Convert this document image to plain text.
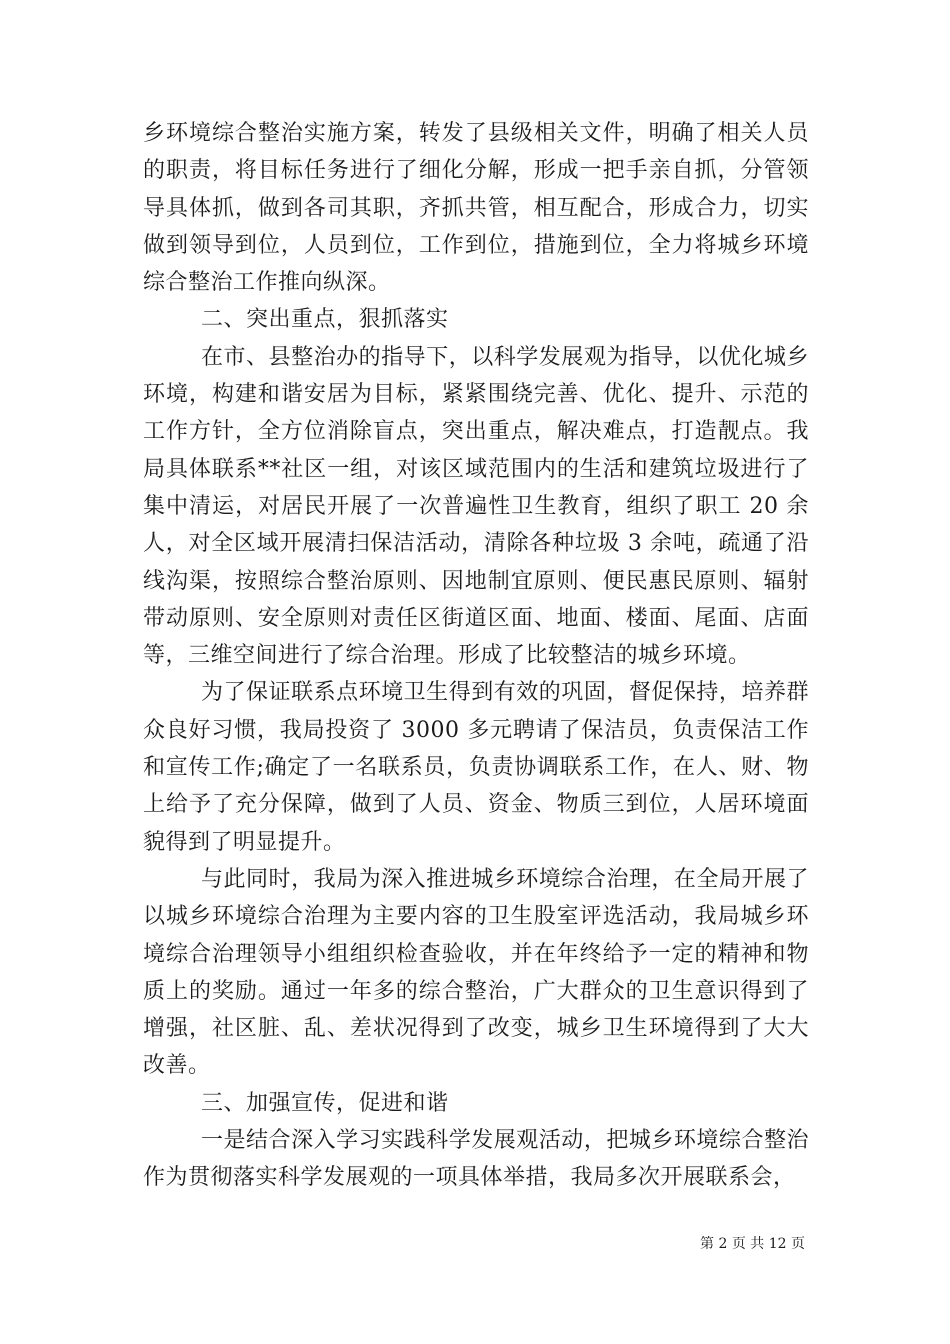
乡环境综合整治实施方案，转发了县级相关文件，明确了相关人员的职责，将目标任务进行了细化分解，形成一把手亲自抓，分管领导具体抓，做到各司其职，齐抓共管，相互配合，形成合力，切实做到领导到位，人员到位，工作到位，措施到位，全力将城乡环境综合整治工作推向纵深。

二、突出重点，狠抓落实

在市、县整治办的指导下，以科学发展观为指导，以优化城乡环境，构建和谐安居为目标，紧紧围绕完善、优化、提升、示范的工作方针，全方位消除盲点，突出重点，解决难点，打造靓点。我局具体联系**社区一组，对该区域范围内的生活和建筑垃圾进行了集中清运，对居民开展了一次普遍性卫生教育，组织了职工 20 余人，对全区域开展清扫保洁活动，清除各种垃圾 3 余吨，疏通了沿线沟渠，按照综合整治原则、因地制宜原则、便民惠民原则、辐射带动原则、安全原则对责任区街道区面、地面、楼面、尾面、店面等，三维空间进行了综合治理。形成了比较整洁的城乡环境。

为了保证联系点环境卫生得到有效的巩固，督促保持，培养群众良好习惯，我局投资了 3000 多元聘请了保洁员，负责保洁工作和宣传工作;确定了一名联系员，负责协调联系工作，在人、财、物上给予了充分保障，做到了人员、资金、物质三到位，人居环境面貌得到了明显提升。

与此同时，我局为深入推进城乡环境综合治理，在全局开展了以城乡环境综合治理为主要内容的卫生股室评选活动，我局城乡环境综合治理领导小组组织检查验收，并在年终给予一定的精神和物质上的奖励。通过一年多的综合整治，广大群众的卫生意识得到了增强，社区脏、乱、差状况得到了改变，城乡卫生环境得到了大大改善。

三、加强宣传，促进和谐

一是结合深入学习实践科学发展观活动，把城乡环境综合整治作为贯彻落实科学发展观的一项具体举措，我局多次开展联系会，

第 2 页 共 12 页
